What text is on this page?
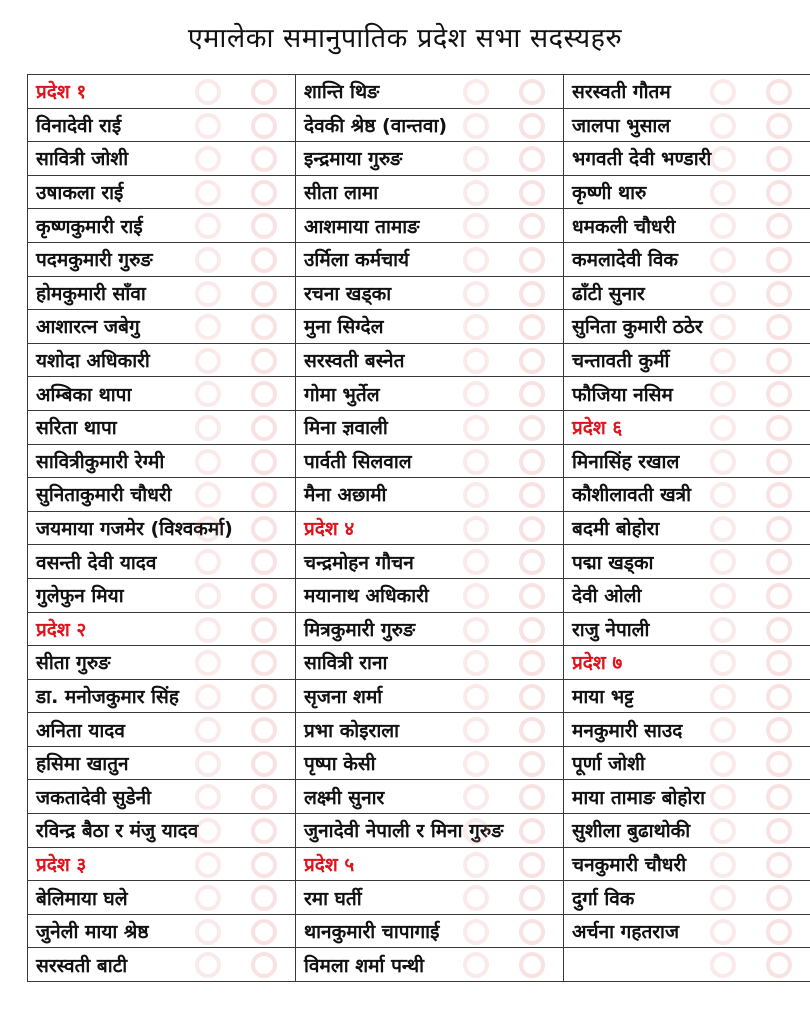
एमालेका समानुपातिक प्रदेश सभा सदस्यहरु
प्रदेश १	शान्ति थिङ	सरस्वती गौतम

विनादेवी राई	देवकी श्रेष्ठ (वान्तवा)	जालपा भुसाल

सावित्री जोशी	इन्द्रमाया गुरुङ	भगवती देवी भण्डारी

उषाकला राई	सीता लामा	कृष्णी थारु

कृष्णकुमारी राई	आशमाया तामाङ	धमकली चौधरी

पदमकुमारी गुरुङ	उर्मिला कर्मचार्य	कमलादेवी विक

होमकुमारी साँवा	रचना खड्का	ढाँटी सुनार

आशारत्न जबेगु	मुना सिग्देल	सुनिता कुमारी ठठेर

यशोदा अधिकारी	सरस्वती बस्नेत	चन्तावती कुर्मी

अम्बिका थापा	गोमा भुर्तेल	फौजिया नसिम

सरिता थापा	मिना ज्ञवाली	प्रदेश ६

सावित्रीकुमारी रेग्मी	पार्वती सिलवाल	मिनासिंह रखाल

सुनिताकुमारी चौधरी	मैना अछामी	कौशीलावती खत्री

जयमाया गजमेर (विश्वकर्मा)	प्रदेश ४	बदमी बोहोरा

वसन्ती देवी यादव	चन्द्रमोहन गौचन	पद्मा खड्का

गुलेफुन मिया	मयानाथ अधिकारी	देवी ओली

प्रदेश २	मित्रकुमारी गुरुङ	राजु नेपाली

सीता गुरुङ	सावित्री राना	प्रदेश ७

डा. मनोजकुमार सिंह	सृजना शर्मा	माया भट्ट

अनिता यादव	प्रभा कोइराला	मनकुमारी साउद

हसिमा खातुन	पृष्पा केसी	पूर्णा जोशी

जकतादेवी सुडेनी	लक्ष्मी सुनार	माया तामाङ बोहोरा

रविन्द्र बैठा र मंजु यादव	जुनादेवी नेपाली र मिना गुरुङ	सुशीला बुढाथोकी

प्रदेश ३	प्रदेश ५	चनकुमारी चौधरी

बेलिमाया घले	रमा घर्ती	दुर्गा विक

जुनेली माया श्रेष्ठ	थानकुमारी चापागाई	अर्चना गहतराज

सरस्वती बाटी	विमला शर्मा पन्थी
